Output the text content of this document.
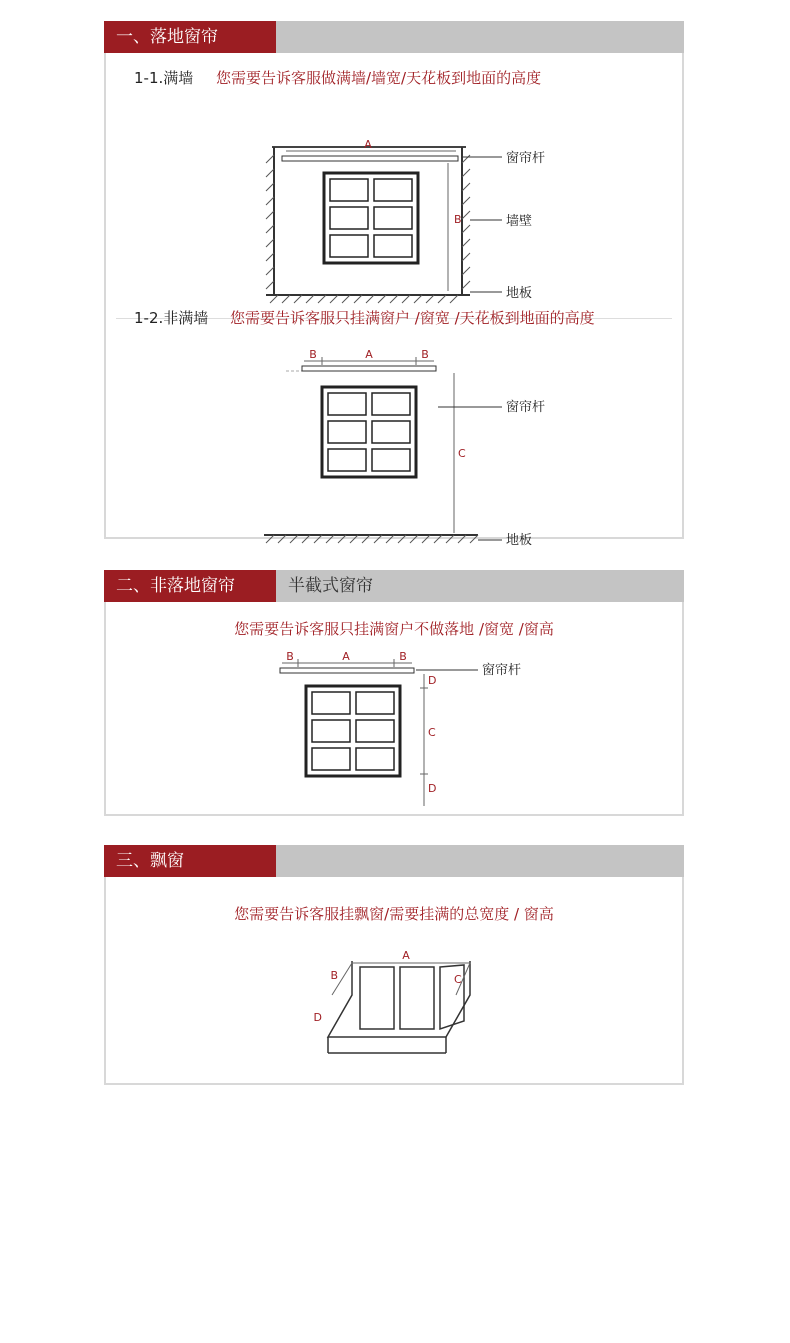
一、落地窗帘
1-1.满墙 您需要告诉客服做满墙/墙宽/天花板到地面的高度
A
B
窗帘杆
墙壁
地板
1-2.非满墙 您需要告诉客服只挂满窗户 /窗宽 /天花板到地面的高度
B	A	B
C
窗帘杆
地板
二、非落地窗帘	半截式窗帘
您需要告诉客服只挂满窗户不做落地 /窗宽 /窗高
B	A	B
D
C
D
窗帘杆
三、飘窗
您需要告诉客服挂飘窗/需要挂满的总宽度 / 窗高
A
B	C
D
